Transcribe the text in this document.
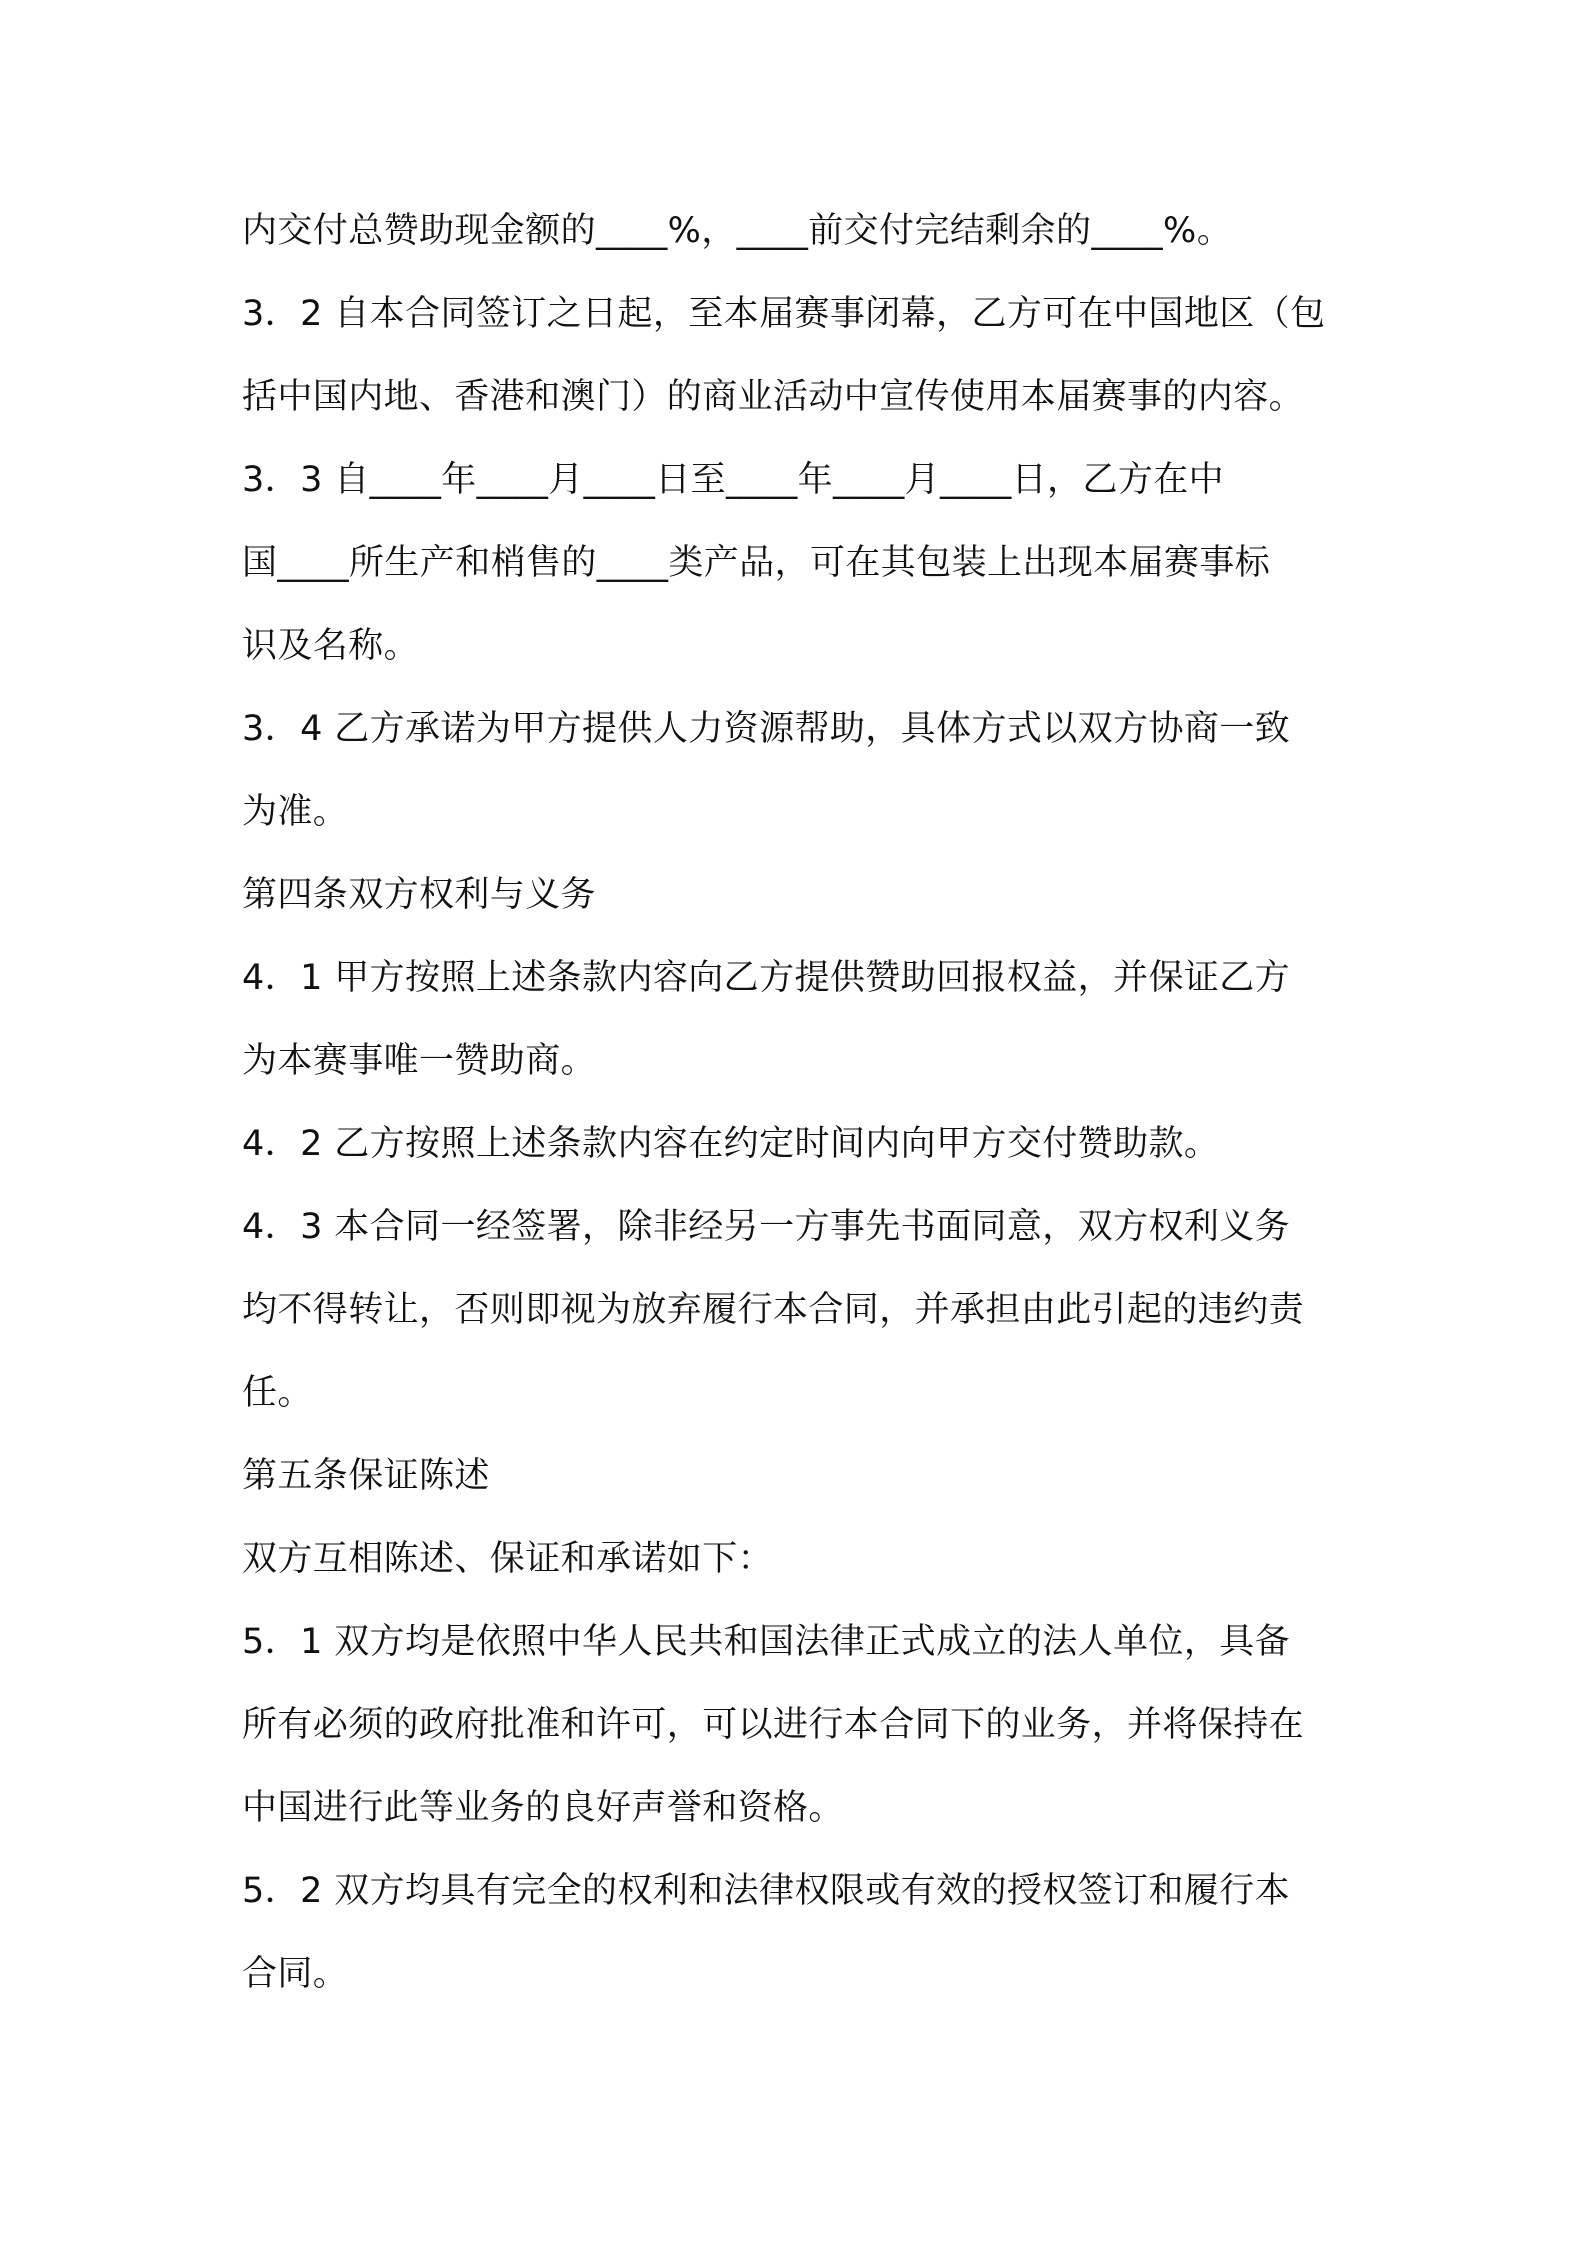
内交付总赞助现金额的____%，____前交付完结剩余的____%。

3．2 自本合同签订之日起，至本届赛事闭幕，乙方可在中国地区（包

括中国内地、香港和澳门）的商业活动中宣传使用本届赛事的内容。

3．3 自____年____月____日至____年____月____日，乙方在中

国____所生产和梢售的____类产品，可在其包装上出现本届赛事标

识及名称。

3．4 乙方承诺为甲方提供人力资源帮助，具体方式以双方协商一致

为准。

第四条双方权利与义务

4．1 甲方按照上述条款内容向乙方提供赞助回报权益，并保证乙方

为本赛事唯一赞助商。

4．2 乙方按照上述条款内容在约定时间内向甲方交付赞助款。

4．3 本合同一经签署，除非经另一方事先书面同意，双方权利义务

均不得转让，否则即视为放弃履行本合同，并承担由此引起的违约责

任。

第五条保证陈述

双方互相陈述、保证和承诺如下：

5．1 双方均是依照中华人民共和国法律正式成立的法人单位，具备

所有必须的政府批准和许可，可以进行本合同下的业务，并将保持在

中国进行此等业务的良好声誉和资格。

5．2 双方均具有完全的权利和法律权限或有效的授权签订和履行本

合同。
